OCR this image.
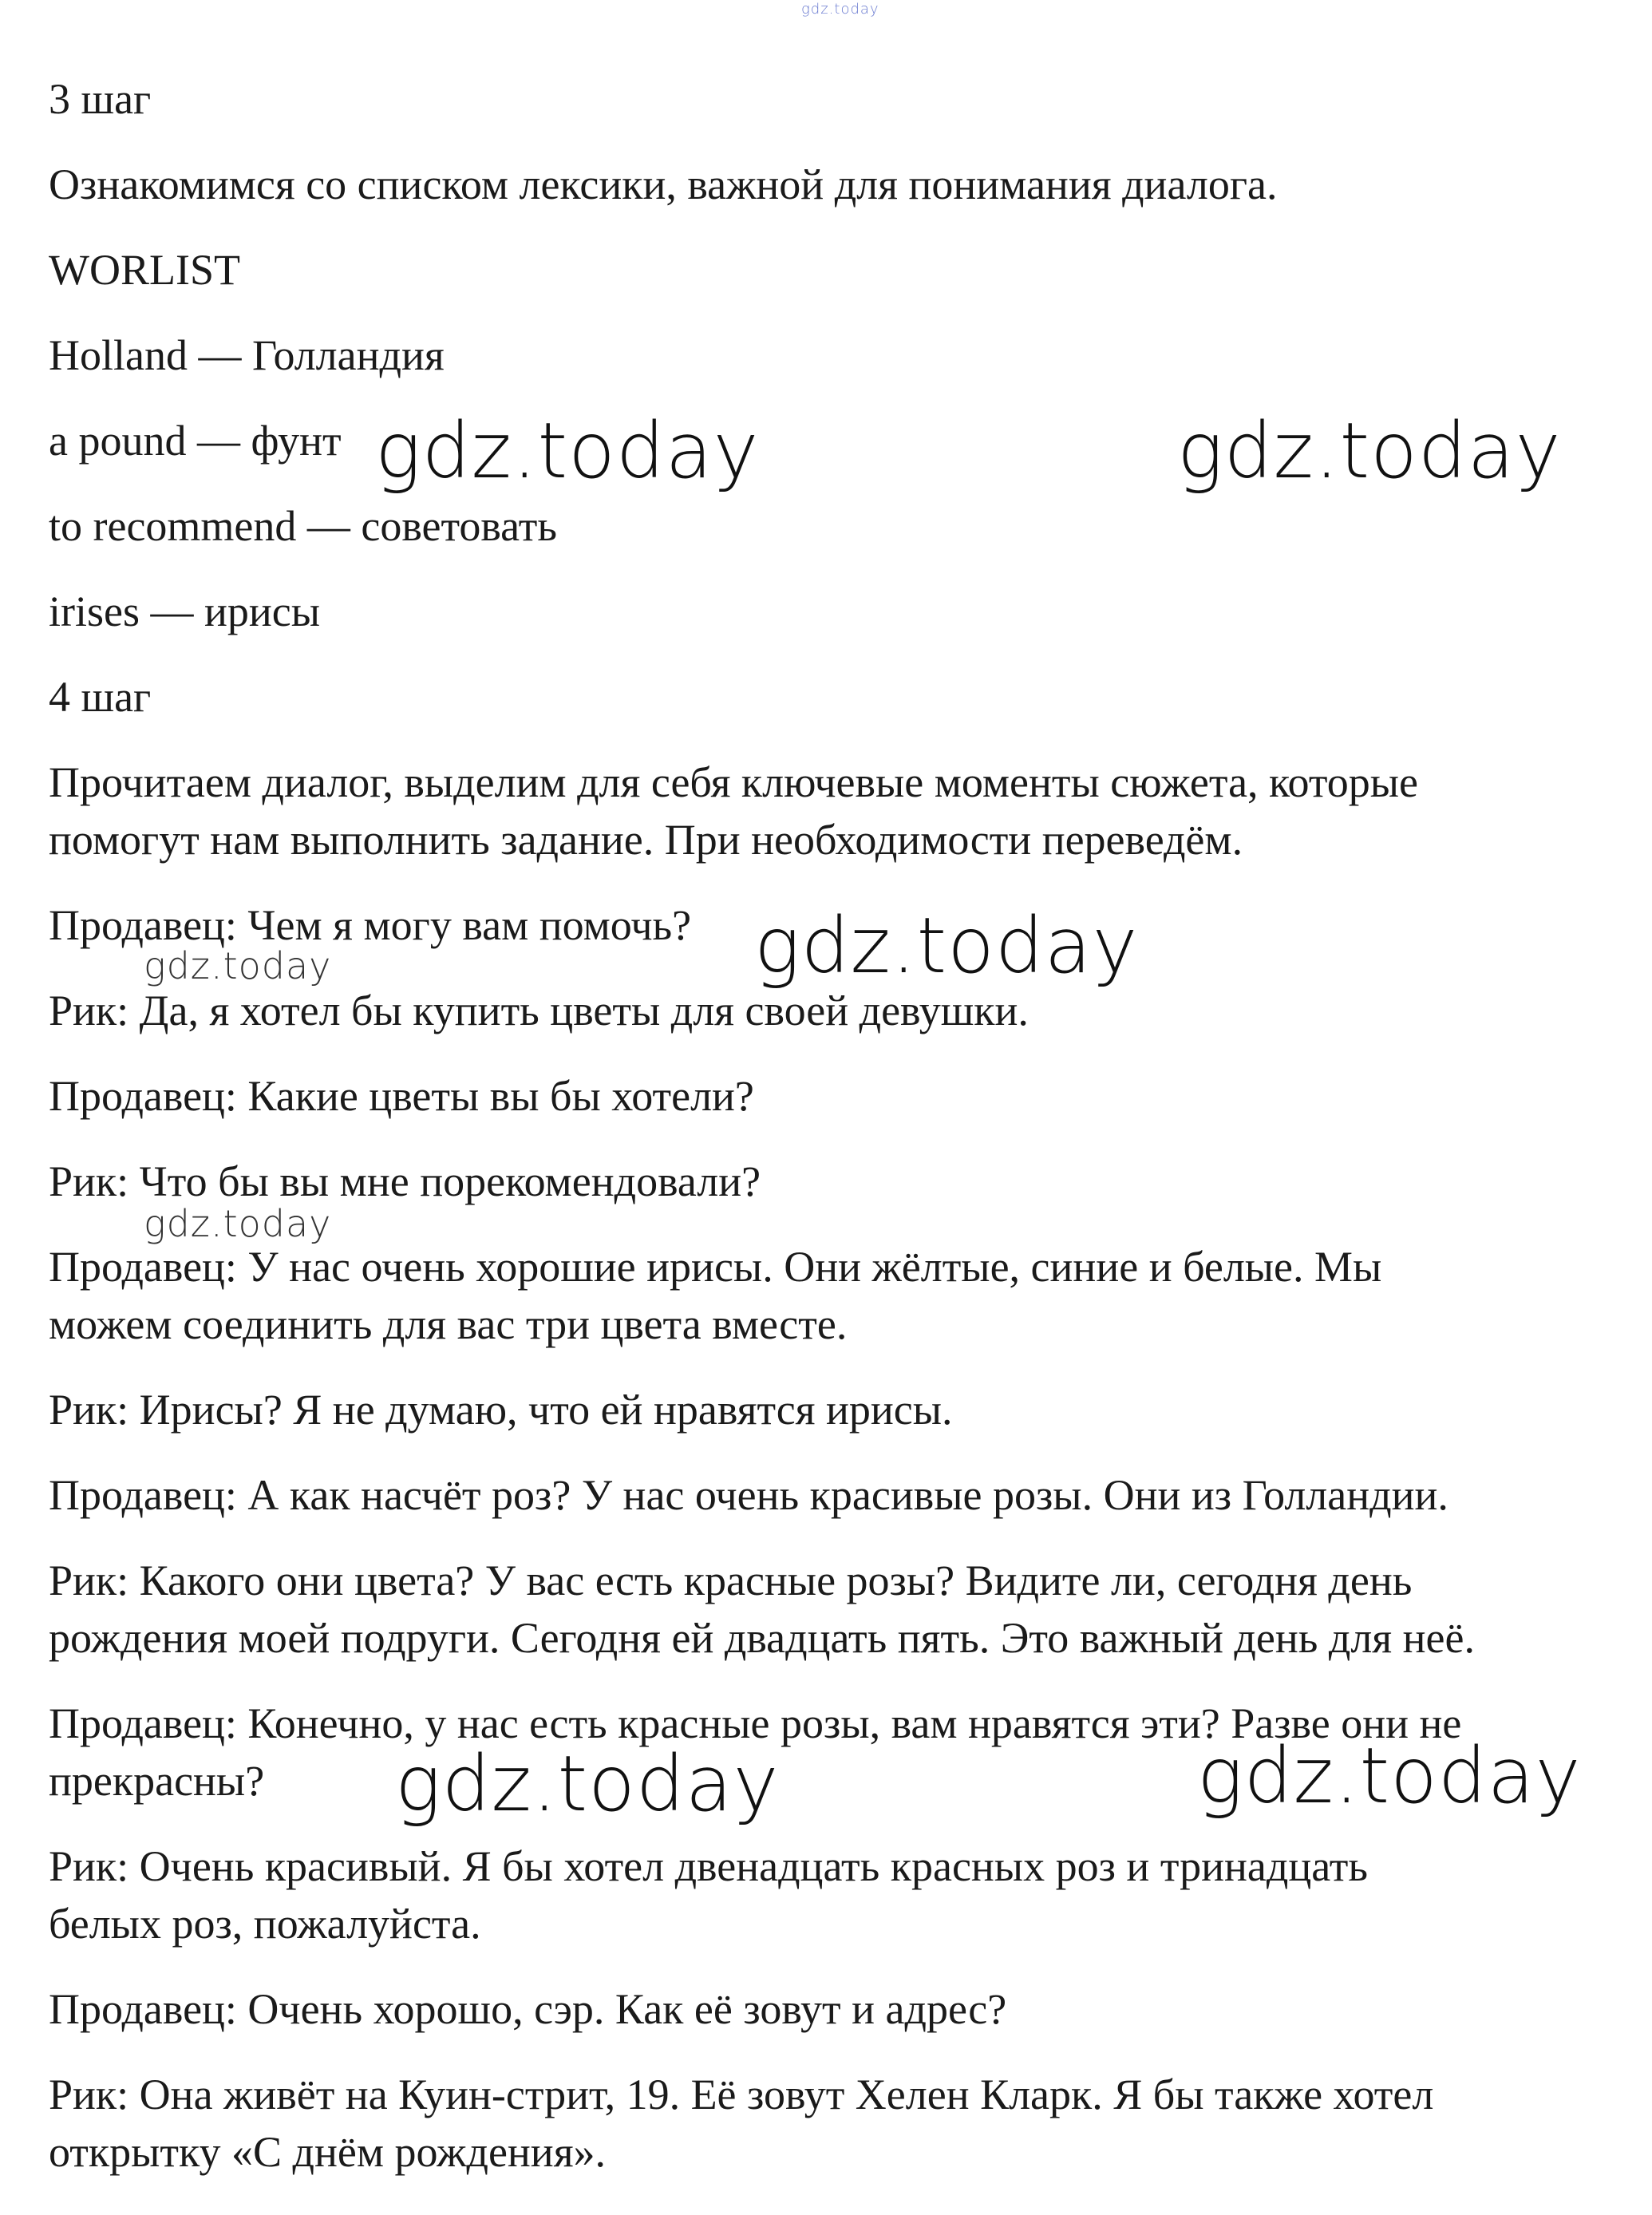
gdz.today

3 шаг

Ознакомимся со списком лексики, важной для понимания диалога.

WORLIST

Holland — Голландия

a pound — фунт

to recommend — советовать

irises — ирисы

4 шаг

Прочитаем диалог, выделим для себя ключевые моменты сюжета, которые

помогут нам выполнить задание. При необходимости переведём.

Продавец: Чем я могу вам помочь?

Рик: Да, я хотел бы купить цветы для своей девушки.

Продавец: Какие цветы вы бы хотели?

Рик: Что бы вы мне порекомендовали?

Продавец: У нас очень хорошие ирисы. Они жёлтые, синие и белые. Мы

можем соединить для вас три цвета вместе.

Рик: Ирисы? Я не думаю, что ей нравятся ирисы.

Продавец: А как насчёт роз? У нас очень красивые розы. Они из Голландии.

Рик: Какого они цвета? У вас есть красные розы? Видите ли, сегодня день

рождения моей подруги. Сегодня ей двадцать пять. Это важный день для неё.

Продавец: Конечно, у нас есть красные розы, вам нравятся эти? Разве они не

прекрасны?

Рик: Очень красивый. Я бы хотел двенадцать красных роз и тринадцать

белых роз, пожалуйста.

Продавец: Очень хорошо, сэр. Как её зовут и адрес?

Рик: Она живёт на Куин-стрит, 19. Её зовут Хелен Кларк. Я бы также хотел

открытку «С днём рождения».

gdz.today	gdz.today
gdz.today
gdz.today
gdz.today
gdz.today	gdz.today
